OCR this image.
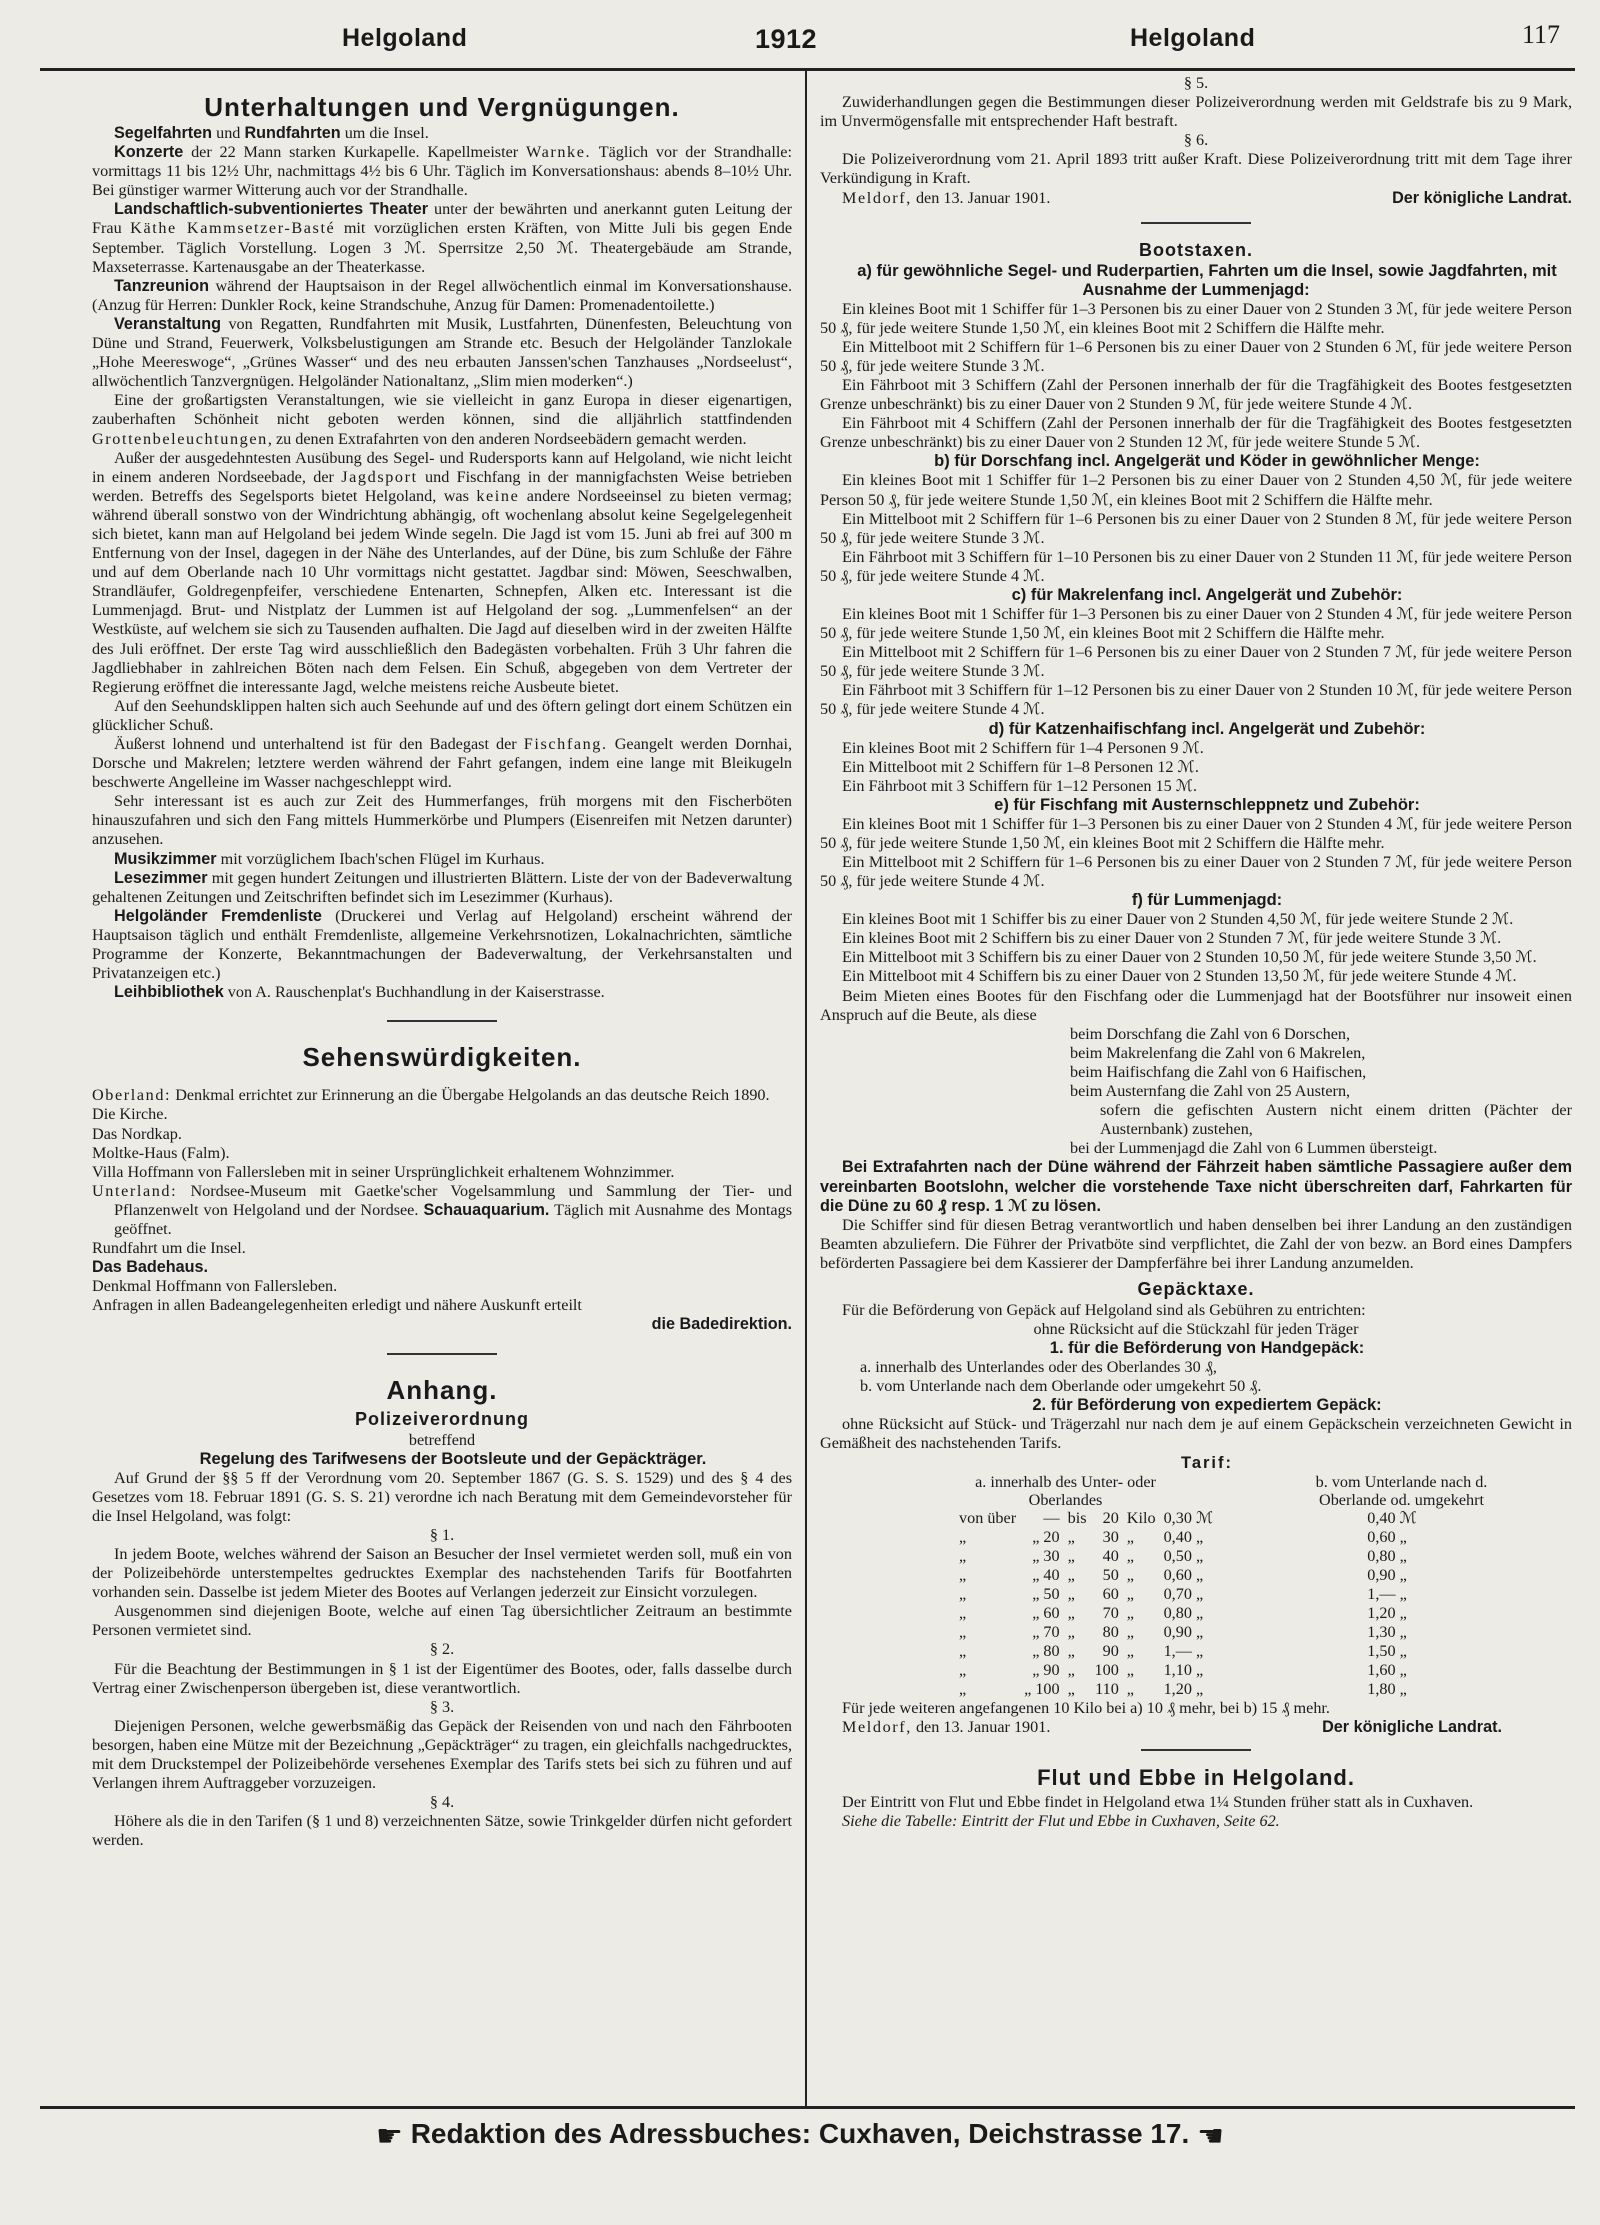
Helgoland	1912	Helgoland	117
Unterhaltungen und Vergnügungen.

Segelfahrten und Rundfahrten um die Insel.

Konzerte der 22 Mann starken Kurkapelle. Kapellmeister Warnke. Täglich vor der Strandhalle: vormittags 11 bis 12½ Uhr, nachmittags 4½ bis 6 Uhr. Täglich im Konversationshaus: abends 8–10½ Uhr. Bei günstiger warmer Witterung auch vor der Strandhalle.

Landschaftlich-subventioniertes Theater unter der bewährten und anerkannt guten Leitung der Frau Käthe Kammsetzer-Basté mit vorzüglichen ersten Kräften, von Mitte Juli bis gegen Ende September. Täglich Vorstellung. Logen 3 ℳ. Sperrsitze 2,50 ℳ. Theatergebäude am Strande, Maxseterrasse. Kartenausgabe an der Theaterkasse.

Tanzreunion während der Hauptsaison in der Regel allwöchentlich einmal im Konversationshause. (Anzug für Herren: Dunkler Rock, keine Strandschuhe, Anzug für Damen: Promenadentoilette.)

Veranstaltung von Regatten, Rundfahrten mit Musik, Lustfahrten, Dünenfesten, Beleuchtung von Düne und Strand, Feuerwerk, Volksbelustigungen am Strande etc. Besuch der Helgoländer Tanzlokale „Hohe Meereswoge“, „Grünes Wasser“ und des neu erbauten Janssen'schen Tanzhauses „Nordseelust“, allwöchentlich Tanzvergnügen. Helgoländer Nationaltanz, „Slim mien moderken“.)

Eine der großartigsten Veranstaltungen, wie sie vielleicht in ganz Europa in dieser eigenartigen, zauberhaften Schönheit nicht geboten werden können, sind die alljährlich stattfindenden Grottenbeleuchtungen, zu denen Extrafahrten von den anderen Nordseebädern gemacht werden.

Außer der ausgedehntesten Ausübung des Segel- und Rudersports kann auf Helgoland, wie nicht leicht in einem anderen Nordseebade, der Jagdsport und Fischfang in der mannigfachsten Weise betrieben werden. Betreffs des Segelsports bietet Helgoland, was keine andere Nordseeinsel zu bieten vermag; während überall sonstwo von der Windrichtung abhängig, oft wochenlang absolut keine Segelgelegenheit sich bietet, kann man auf Helgoland bei jedem Winde segeln. Die Jagd ist vom 15. Juni ab frei auf 300 m Entfernung von der Insel, dagegen in der Nähe des Unterlandes, auf der Düne, bis zum Schluße der Fähre und auf dem Oberlande nach 10 Uhr vormittags nicht gestattet. Jagdbar sind: Möwen, Seeschwalben, Strandläufer, Goldregenpfeifer, verschiedene Entenarten, Schnepfen, Alken etc. Interessant ist die Lummenjagd. Brut- und Nistplatz der Lummen ist auf Helgoland der sog. „Lummenfelsen“ an der Westküste, auf welchem sie sich zu Tausenden aufhalten. Die Jagd auf dieselben wird in der zweiten Hälfte des Juli eröffnet. Der erste Tag wird ausschließlich den Badegästen vorbehalten. Früh 3 Uhr fahren die Jagdliebhaber in zahlreichen Böten nach dem Felsen. Ein Schuß, abgegeben von dem Vertreter der Regierung eröffnet die interessante Jagd, welche meistens reiche Ausbeute bietet.

Auf den Seehundsklippen halten sich auch Seehunde auf und des öftern gelingt dort einem Schützen ein glücklicher Schuß.

Äußerst lohnend und unterhaltend ist für den Badegast der Fischfang. Geangelt werden Dornhai, Dorsche und Makrelen; letztere werden während der Fahrt gefangen, indem eine lange mit Bleikugeln beschwerte Angelleine im Wasser nachgeschleppt wird.

Sehr interessant ist es auch zur Zeit des Hummerfanges, früh morgens mit den Fischerböten hinauszufahren und sich den Fang mittels Hummerkörbe und Plumpers (Eisenreifen mit Netzen darunter) anzusehen.

Musikzimmer mit vorzüglichem Ibach'schen Flügel im Kurhaus.

Lesezimmer mit gegen hundert Zeitungen und illustrierten Blättern. Liste der von der Badeverwaltung gehaltenen Zeitungen und Zeitschriften befindet sich im Lesezimmer (Kurhaus).

Helgoländer Fremdenliste (Druckerei und Verlag auf Helgoland) erscheint während der Hauptsaison täglich und enthält Fremdenliste, allgemeine Verkehrsnotizen, Lokalnachrichten, sämtliche Programme der Konzerte, Bekanntmachungen der Badeverwaltung, der Verkehrsanstalten und Privatanzeigen etc.)

Leihbibliothek von A. Rauschenplat's Buchhandlung in der Kaiserstrasse.

Sehenswürdigkeiten.

Oberland: Denkmal errichtet zur Erinnerung an die Übergabe Helgolands an das deutsche Reich 1890.

Die Kirche.

Das Nordkap.

Moltke-Haus (Falm).

Villa Hoffmann von Fallersleben mit in seiner Ursprünglichkeit erhaltenem Wohnzimmer.

Unterland: Nordsee-Museum mit Gaetke'scher Vogelsammlung und Sammlung der Tier- und Pflanzenwelt von Helgoland und der Nordsee. Schauaquarium. Täglich mit Ausnahme des Montags geöffnet.

Rundfahrt um die Insel.

Das Badehaus.

Denkmal Hoffmann von Fallersleben.

Anfragen in allen Badeangelegenheiten erledigt und nähere Auskunft erteilt

die Badedirektion.

Anhang.
Polizeiverordnung

betreffend

Regelung des Tarifwesens der Bootsleute und der Gepäckträger.

Auf Grund der §§ 5 ff der Verordnung vom 20. September 1867 (G. S. S. 1529) und des § 4 des Gesetzes vom 18. Februar 1891 (G. S. S. 21) verordne ich nach Beratung mit dem Gemeindevorsteher für die Insel Helgoland, was folgt:

§ 1.

In jedem Boote, welches während der Saison an Besucher der Insel vermietet werden soll, muß ein von der Polizeibehörde unterstempeltes gedrucktes Exemplar des nachstehenden Tarifs für Bootfahrten vorhanden sein. Dasselbe ist jedem Mieter des Bootes auf Verlangen jederzeit zur Einsicht vorzulegen.

Ausgenommen sind diejenigen Boote, welche auf einen Tag übersichtlicher Zeitraum an bestimmte Personen vermietet sind.

§ 2.

Für die Beachtung der Bestimmungen in § 1 ist der Eigentümer des Bootes, oder, falls dasselbe durch Vertrag einer Zwischenperson übergeben ist, diese verantwortlich.

§ 3.

Diejenigen Personen, welche gewerbsmäßig das Gepäck der Reisenden von und nach den Fährbooten besorgen, haben eine Mütze mit der Bezeichnung „Gepäckträger“ zu tragen, ein gleichfalls nachgedrucktes, mit dem Druckstempel der Polizeibehörde versehenes Exemplar des Tarifs stets bei sich zu führen und auf Verlangen ihrem Auftraggeber vorzuzeigen.

§ 4.

Höhere als die in den Tarifen (§ 1 und 8) verzeichnenten Sätze, sowie Trinkgelder dürfen nicht gefordert werden.

§ 5.

Zuwiderhandlungen gegen die Bestimmungen dieser Polizeiverordnung werden mit Geldstrafe bis zu 9 Mark, im Unvermögensfalle mit entsprechender Haft bestraft.

§ 6.

Die Polizeiverordnung vom 21. April 1893 tritt außer Kraft. Diese Polizeiverordnung tritt mit dem Tage ihrer Verkündigung in Kraft.

Meldorf, den 13. Januar 1901.	Der königliche Landrat.

Bootstaxen.

a) für gewöhnliche Segel- und Ruderpartien, Fahrten um die Insel, sowie Jagdfahrten, mit Ausnahme der Lummenjagd:

Ein kleines Boot mit 1 Schiffer für 1–3 Personen bis zu einer Dauer von 2 Stunden 3 ℳ, für jede weitere Person 50 ₰, für jede weitere Stunde 1,50 ℳ, ein kleines Boot mit 2 Schiffern die Hälfte mehr.

Ein Mittelboot mit 2 Schiffern für 1–6 Personen bis zu einer Dauer von 2 Stunden 6 ℳ, für jede weitere Person 50 ₰, für jede weitere Stunde 3 ℳ.

Ein Fährboot mit 3 Schiffern (Zahl der Personen innerhalb der für die Tragfähigkeit des Bootes festgesetzten Grenze unbeschränkt) bis zu einer Dauer von 2 Stunden 9 ℳ, für jede weitere Stunde 4 ℳ.

Ein Fährboot mit 4 Schiffern (Zahl der Personen innerhalb der für die Tragfähigkeit des Bootes festgesetzten Grenze unbeschränkt) bis zu einer Dauer von 2 Stunden 12 ℳ, für jede weitere Stunde 5 ℳ.

b) für Dorschfang incl. Angelgerät und Köder in gewöhnlicher Menge:

Ein kleines Boot mit 1 Schiffer für 1–2 Personen bis zu einer Dauer von 2 Stunden 4,50 ℳ, für jede weitere Person 50 ₰, für jede weitere Stunde 1,50 ℳ, ein kleines Boot mit 2 Schiffern die Hälfte mehr.

Ein Mittelboot mit 2 Schiffern für 1–6 Personen bis zu einer Dauer von 2 Stunden 8 ℳ, für jede weitere Person 50 ₰, für jede weitere Stunde 3 ℳ.

Ein Fährboot mit 3 Schiffern für 1–10 Personen bis zu einer Dauer von 2 Stunden 11 ℳ, für jede weitere Person 50 ₰, für jede weitere Stunde 4 ℳ.

c) für Makrelenfang incl. Angelgerät und Zubehör:

Ein kleines Boot mit 1 Schiffer für 1–3 Personen bis zu einer Dauer von 2 Stunden 4 ℳ, für jede weitere Person 50 ₰, für jede weitere Stunde 1,50 ℳ, ein kleines Boot mit 2 Schiffern die Hälfte mehr.

Ein Mittelboot mit 2 Schiffern für 1–6 Personen bis zu einer Dauer von 2 Stunden 7 ℳ, für jede weitere Person 50 ₰, für jede weitere Stunde 3 ℳ.

Ein Fährboot mit 3 Schiffern für 1–12 Personen bis zu einer Dauer von 2 Stunden 10 ℳ, für jede weitere Person 50 ₰, für jede weitere Stunde 4 ℳ.

d) für Katzenhaifischfang incl. Angelgerät und Zubehör:

Ein kleines Boot mit 2 Schiffern für 1–4 Personen 9 ℳ.

Ein Mittelboot mit 2 Schiffern für 1–8 Personen 12 ℳ.

Ein Fährboot mit 3 Schiffern für 1–12 Personen 15 ℳ.

e) für Fischfang mit Austernschleppnetz und Zubehör:

Ein kleines Boot mit 1 Schiffer für 1–3 Personen bis zu einer Dauer von 2 Stunden 4 ℳ, für jede weitere Person 50 ₰, für jede weitere Stunde 1,50 ℳ, ein kleines Boot mit 2 Schiffern die Hälfte mehr.

Ein Mittelboot mit 2 Schiffern für 1–6 Personen bis zu einer Dauer von 2 Stunden 7 ℳ, für jede weitere Person 50 ₰, für jede weitere Stunde 4 ℳ.

f) für Lummenjagd:

Ein kleines Boot mit 1 Schiffer bis zu einer Dauer von 2 Stunden 4,50 ℳ, für jede weitere Stunde 2 ℳ.

Ein kleines Boot mit 2 Schiffern bis zu einer Dauer von 2 Stunden 7 ℳ, für jede weitere Stunde 3 ℳ.

Ein Mittelboot mit 3 Schiffern bis zu einer Dauer von 2 Stunden 10,50 ℳ, für jede weitere Stunde 3,50 ℳ.

Ein Mittelboot mit 4 Schiffern bis zu einer Dauer von 2 Stunden 13,50 ℳ, für jede weitere Stunde 4 ℳ.

Beim Mieten eines Bootes für den Fischfang oder die Lummenjagd hat der Bootsführer nur insoweit einen Anspruch auf die Beute, als diese

beim Dorschfang die Zahl von 6 Dorschen,

beim Makrelenfang die Zahl von 6 Makrelen,

beim Haifischfang die Zahl von 6 Haifischen,

beim Austernfang die Zahl von 25 Austern,

sofern die gefischten Austern nicht einem dritten (Pächter der Austernbank) zustehen,

bei der Lummenjagd die Zahl von 6 Lummen übersteigt.

Bei Extrafahrten nach der Düne während der Fährzeit haben sämtliche Passagiere außer dem vereinbarten Bootslohn, welcher die vorstehende Taxe nicht überschreiten darf, Fahrkarten für die Düne zu 60 ₰ resp. 1 ℳ zu lösen.

Die Schiffer sind für diesen Betrag verantwortlich und haben denselben bei ihrer Landung an den zuständigen Beamten abzuliefern. Die Führer der Privatböte sind verpflichtet, die Zahl der von bezw. an Bord eines Dampfers beförderten Passagiere bei dem Kassierer der Dampferfähre bei ihrer Landung anzumelden.

Gepäcktaxe.

Für die Beförderung von Gepäck auf Helgoland sind als Gebühren zu entrichten:

ohne Rücksicht auf die Stückzahl für jeden Träger

1. für die Beförderung von Handgepäck:

a. innerhalb des Unterlandes oder des Oberlandes 30 ₰,

b. vom Unterlande nach dem Oberlande oder umgekehrt 50 ₰.

2. für Beförderung von expediertem Gepäck:

ohne Rücksicht auf Stück- und Trägerzahl nur nach dem je auf einem Gepäckschein verzeichneten Gewicht in Gemäßheit des nachstehenden Tarifs.

Tarif:

a. innerhalb des Unter- oder Oberlandes
b. vom Unterlande nach d. Oberlande od. umgekehrt
von über	—	bis	20	Kilo	0,30 ℳ	0,40 ℳ
„	„ 20	„	30	„	0,40 „	0,60 „
„	„ 30	„	40	„	0,50 „	0,80 „
„	„ 40	„	50	„	0,60 „	0,90 „
„	„ 50	„	60	„	0,70 „	1,— „
„	„ 60	„	70	„	0,80 „	1,20 „
„	„ 70	„	80	„	0,90 „	1,30 „
„	„ 80	„	90	„	1,— „	1,50 „
„	„ 90	„	100	„	1,10 „	1,60 „
„	„ 100	„	110	„	1,20 „	1,80 „

Für jede weiteren angefangenen 10 Kilo bei a) 10 ₰ mehr, bei b) 15 ₰ mehr.

Meldorf, den 13. Januar 1901.	Der königliche Landrat.

Flut und Ebbe in Helgoland.

Der Eintritt von Flut und Ebbe findet in Helgoland etwa 1¼ Stunden früher statt als in Cuxhaven.

Siehe die Tabelle: Eintritt der Flut und Ebbe in Cuxhaven, Seite 62.

☛ Redaktion des Adressbuches: Cuxhaven, Deichstrasse 17. ☚
